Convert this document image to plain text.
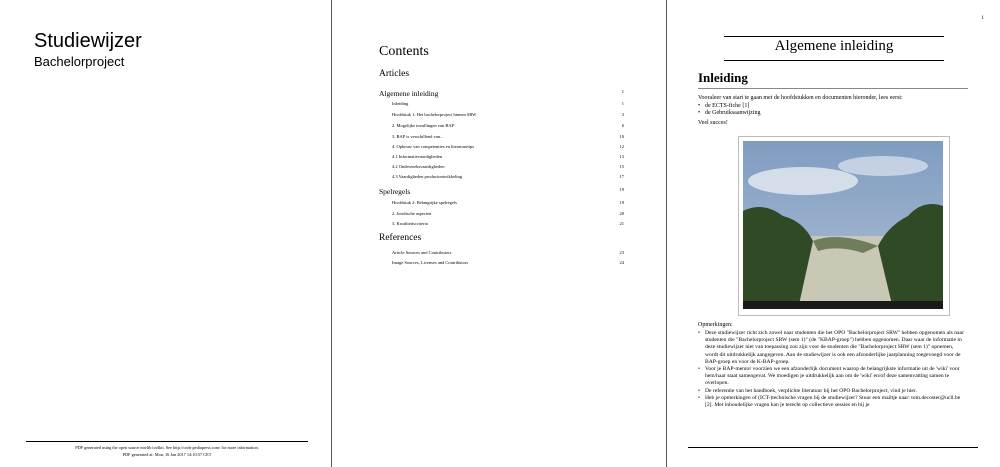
Studiewijzer
Bachelorproject
PDF generated using the open source mwlib toolkit. See http://code.pediapress.com/ for more information.
PDF generated at: Mon, 16 Jan 2017 14:10:57 CET
Contents
Articles
Algemene inleiding	1
Inleiding	1
Hoofdstuk 1: Het bachelorproject binnen SRW	3
2. Mogelijke invullingen van BAP	6
3. BAP is verschillend van...	10
4. Opbouw van competenties en literatuurtips	12
4.1 Informatievaardigheden	13
4.2 Onderzoeksvaardigheden	15
4.3 Vaardigheden productontwikkeling	17
Spelregels	19
Hoofdstuk 2: Belangrijke spelregels	19
2. Juridische aspecten	20
3. Kwaliteitscriteria	21
References
Article Sources and Contributors	23
Image Sources, Licenses and Contributors	24
1
Algemene inleiding
Inleiding
Vooraleer van start te gaan met de hoofdstukken en documenten hieronder, lees eerst:
• de ECTS-fiche [1]
• de Gebruiksaanwijzing
Veel succes!
Opmerkingen:
• Deze studiewijzer richt zich zowel naar studenten die het OPO "Bachelorproject SRW" hebben opgenomen als naar studenten die "Bachelorproject SRW (sem 1)" (de "KBAP-groep") hebben opgenomen. Daar waar de informatie in deze studiewijzer niet van toepassing zou zijn voor de studenten die "Bachelorproject SRW (sem 1)" opnemen, wordt dit uitdrukkelijk aangegeven. Aan de studiewijzer is ook een afzonderlijke jaarplanning toegevoegd voor de BAP-groep en voor de K-BAP-groep.
• Voor je BAP-mentor voorzien we een afzonderlijk document waarop de belangrijkste informatie uit de 'wiki' voor hem/haar staat samengevat. We moedigen je uitdrukkelijk aan om de 'wiki' en/of deze samenvatting samen te overlopen.
• De referentie van het handboek, verplichte literatuur bij het OPO Bachelorproject, vind je hier.
• Heb je opmerkingen of (ICT-)technische vragen bij de studiewijzer? Stuur een mailtje naar: tom.decoster@ucll.be [2]. Met inhoudelijke vragen kan je terecht op collectieve sessies en bij je
